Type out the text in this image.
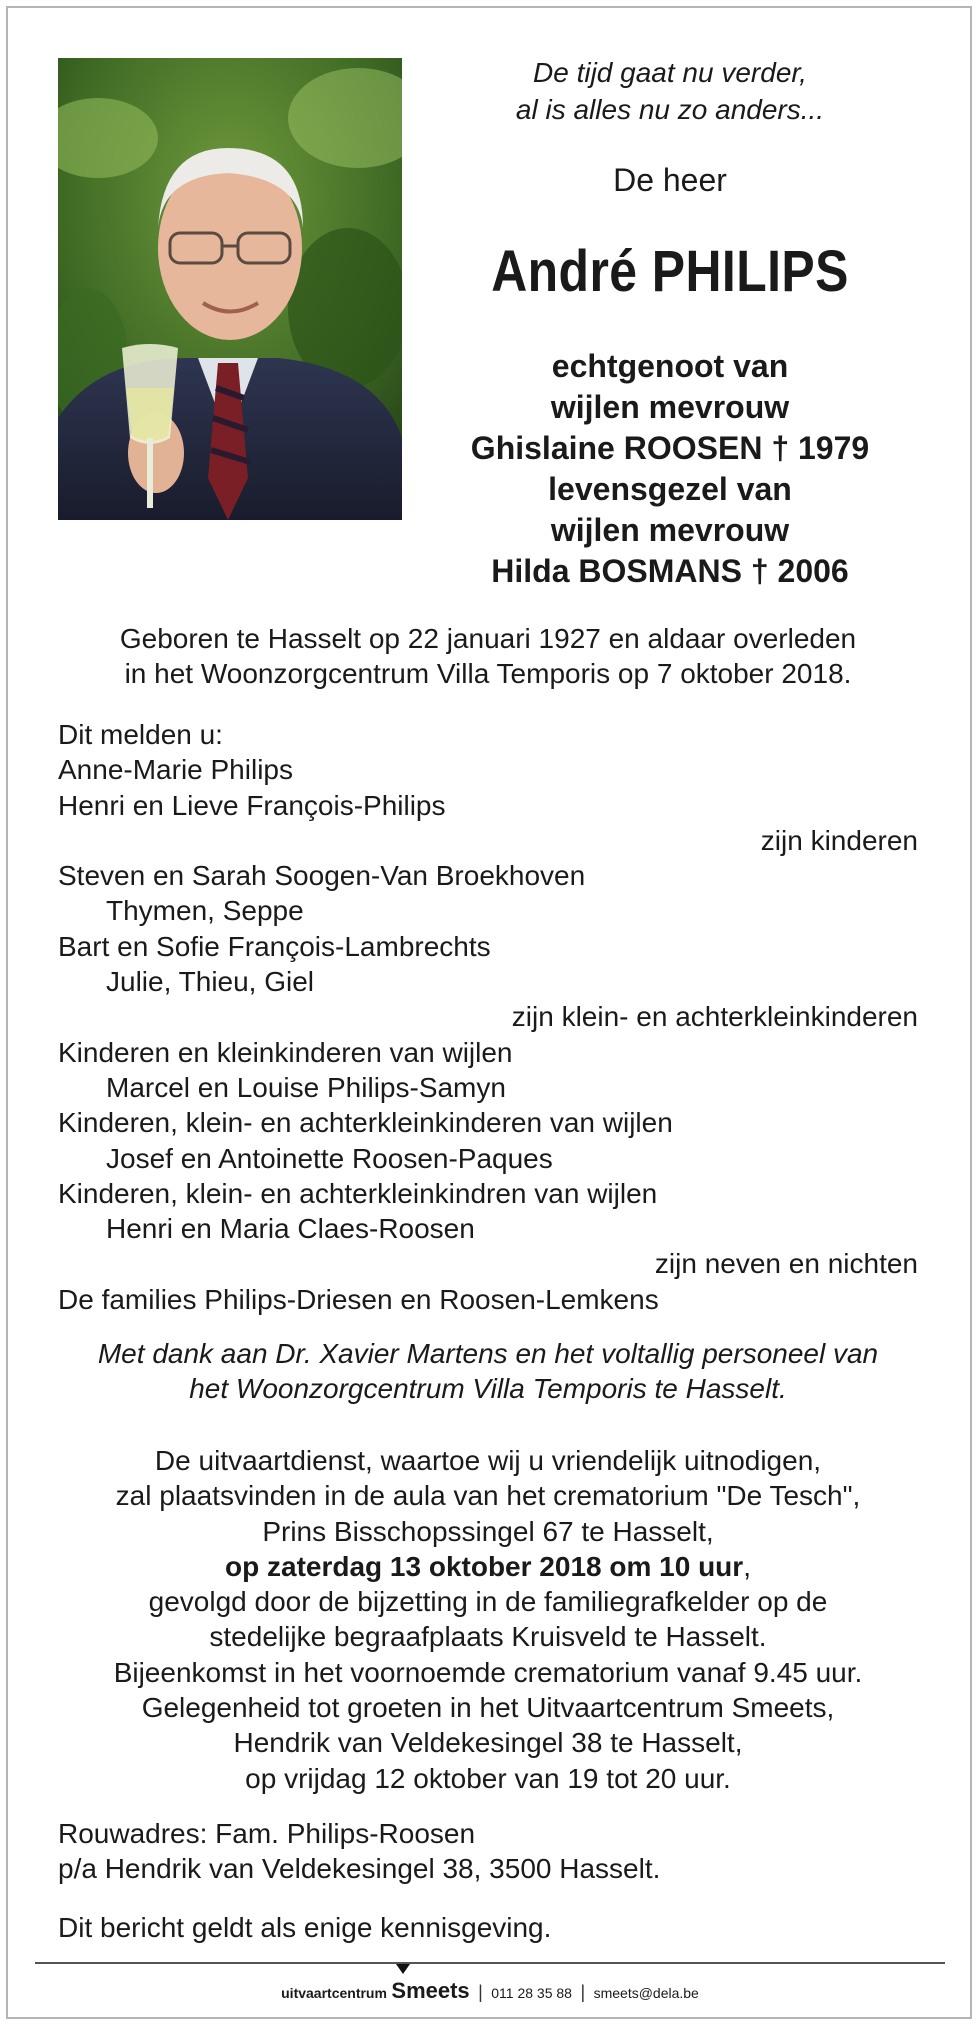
De tijd gaat nu verder,
al is alles nu zo anders...
De heer
André PHILIPS
echtgenoot van
wijlen mevrouw
Ghislaine ROOSEN † 1979
levensgezel van
wijlen mevrouw
Hilda BOSMANS † 2006
Geboren te Hasselt op 22 januari 1927 en aldaar overleden
in het Woonzorgcentrum Villa Temporis op 7 oktober 2018.
Dit melden u:
Anne-Marie Philips
Henri en Lieve François-Philips
zijn kinderen
Steven en Sarah Soogen-Van Broekhoven
Thymen, Seppe
Bart en Sofie François-Lambrechts
Julie, Thieu, Giel
zijn klein- en achterkleinkinderen
Kinderen en kleinkinderen van wijlen
Marcel en Louise Philips-Samyn
Kinderen, klein- en achterkleinkinderen van wijlen
Josef en Antoinette Roosen-Paques
Kinderen, klein- en achterkleinkindren van wijlen
Henri en Maria Claes-Roosen
zijn neven en nichten
De families Philips-Driesen en Roosen-Lemkens
Met dank aan Dr. Xavier Martens en het voltallig personeel van
het Woonzorgcentrum Villa Temporis te Hasselt.
De uitvaartdienst, waartoe wij u vriendelijk uitnodigen,
zal plaatsvinden in de aula van het crematorium "De Tesch",
Prins Bisschopssingel 67 te Hasselt,
op zaterdag 13 oktober 2018 om 10 uur,
gevolgd door de bijzetting in de familiegrafkelder op de
stedelijke begraafplaats Kruisveld te Hasselt.
Bijeenkomst in het voornoemde crematorium vanaf 9.45 uur.
Gelegenheid tot groeten in het Uitvaartcentrum Smeets,
Hendrik van Veldekesingel 38 te Hasselt,
op vrijdag 12 oktober van 19 tot 20 uur.
Rouwadres: Fam. Philips-Roosen
p/a Hendrik van Veldekesingel 38, 3500 Hasselt.
Dit bericht geldt als enige kennisgeving.
uitvaartcentrum Smeets | 011 28 35 88 | smeets@dela.be
